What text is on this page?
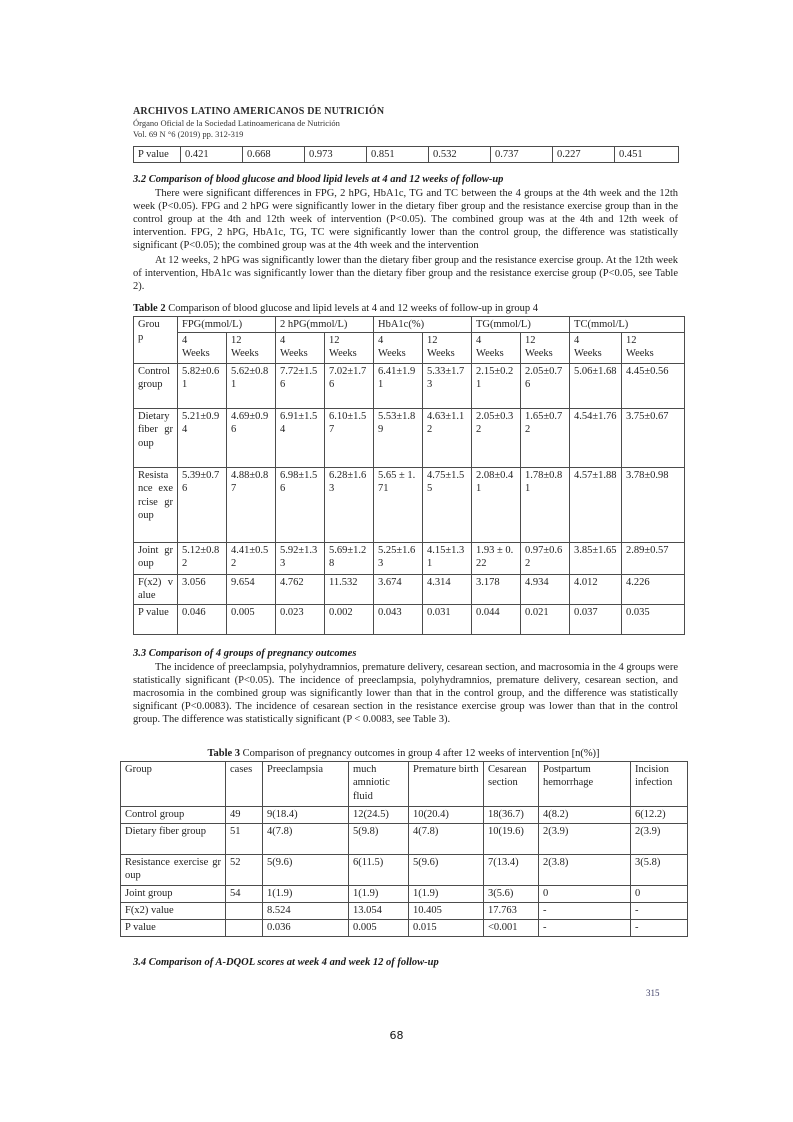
ARCHIVOS LATINO AMERICANOS DE NUTRICIÓN
Órgano Oficial de la Sociedad Latinoamericana de Nutrición
Vol. 69 N °6 (2019) pp. 312-319
P value	0.421	0.668	0.973	0.851	0.532	0.737	0.227	0.451
3.2 Comparison of blood glucose and blood lipid levels at 4 and 12 weeks of follow-up

There were significant differences in FPG, 2 hPG, HbA1c, TG and TC between the 4 groups at the 4th week and the 12th week (P<0.05). FPG and 2 hPG were significantly lower in the dietary fiber group and the resistance exercise group than in the control group at the 4th and 12th week of intervention (P<0.05). The combined group was at the 4th and 12th week of intervention. FPG, 2 hPG, HbA1c, TG, TC were significantly lower than the control group, the difference was statistically significant (P<0.05); the combined group was at the 4th week and the intervention

At 12 weeks, 2 hPG was significantly lower than the dietary fiber group and the resistance exercise group. At the 12th week of intervention, HbA1c was significantly lower than the dietary fiber group and the resistance exercise group (P<0.05, see Table 2).

Table 2 Comparison of blood glucose and lipid levels at 4 and 12 weeks of follow-up in group 4
Group	FPG(mmol/L)		2 hPG(mmol/L)		HbA1c(%)		TG(mmol/L)		TC(mmol/L)	

	4 Weeks	12 Weeks	4 Weeks	12 Weeks	4 Weeks	12 Weeks	4 Weeks	12 Weeks	4 Weeks	12 Weeks

Control group	5.82±0.61	5.62±0.81	7.72±1.56	7.02±1.76	6.41±1.91	5.33±1.73	2.15±0.21	2.05±0.76	5.06±1.68	4.45±0.56
Dietary fiber group	5.21±0.94	4.69±0.96	6.91±1.54	6.10±1.57	5.53±1.89	4.63±1.12	2.05±0.32	1.65±0.72	4.54±1.76	3.75±0.67
Resistance exercise group	5.39±0.76	4.88±0.87	6.98±1.56	6.28±1.63	5.65 ± 1.71	4.75±1.55	2.08±0.41	1.78±0.81	4.57±1.88	3.78±0.98
Joint group	5.12±0.82	4.41±0.52	5.92±1.33	5.69±1.28	5.25±1.63	4.15±1.31	1.93 ± 0.22	0.97±0.62	3.85±1.65	2.89±0.57
F(x2) value	3.056	9.654	4.762	11.532	3.674	4.314	3.178	4.934	4.012	4.226
P value	0.046	0.005	0.023	0.002	0.043	0.031	0.044	0.021	0.037	0.035
3.3 Comparison of 4 groups of pregnancy outcomes

The incidence of preeclampsia, polyhydramnios, premature delivery, cesarean section, and macrosomia in the 4 groups were statistically significant (P<0.05). The incidence of preeclampsia, polyhydramnios, premature delivery, cesarean section, and macrosomia in the combined group was significantly lower than that in the control group, and the difference was statistically significant (P<0.0083). The incidence of cesarean section in the resistance exercise group was lower than that in the control group. The difference was statistically significant (P < 0.0083, see Table 3).

Table 3 Comparison of pregnancy outcomes in group 4 after 12 weeks of intervention [n(%)]
Group	cases	Preeclampsia	much amniotic fluid	Premature birth	Cesarean section	Postpartum hemorrhage	Incision infection
Control group	49	9(18.4)	12(24.5)	10(20.4)	18(36.7)	4(8.2)	6(12.2)
Dietary fiber group	51	4(7.8)	5(9.8)	4(7.8)	10(19.6)	2(3.9)	2(3.9)
Resistance exercise group	52	5(9.6)	6(11.5)	5(9.6)	7(13.4)	2(3.8)	3(5.8)
Joint group	54	1(1.9)	1(1.9)	1(1.9)	3(5.6)	0	0
F(x2) value		8.524	13.054	10.405	17.763	-	-
P value		0.036	0.005	0.015	<0.001	-	-
3.4 Comparison of A-DQOL scores at week 4 and week 12 of follow-up
315
68
